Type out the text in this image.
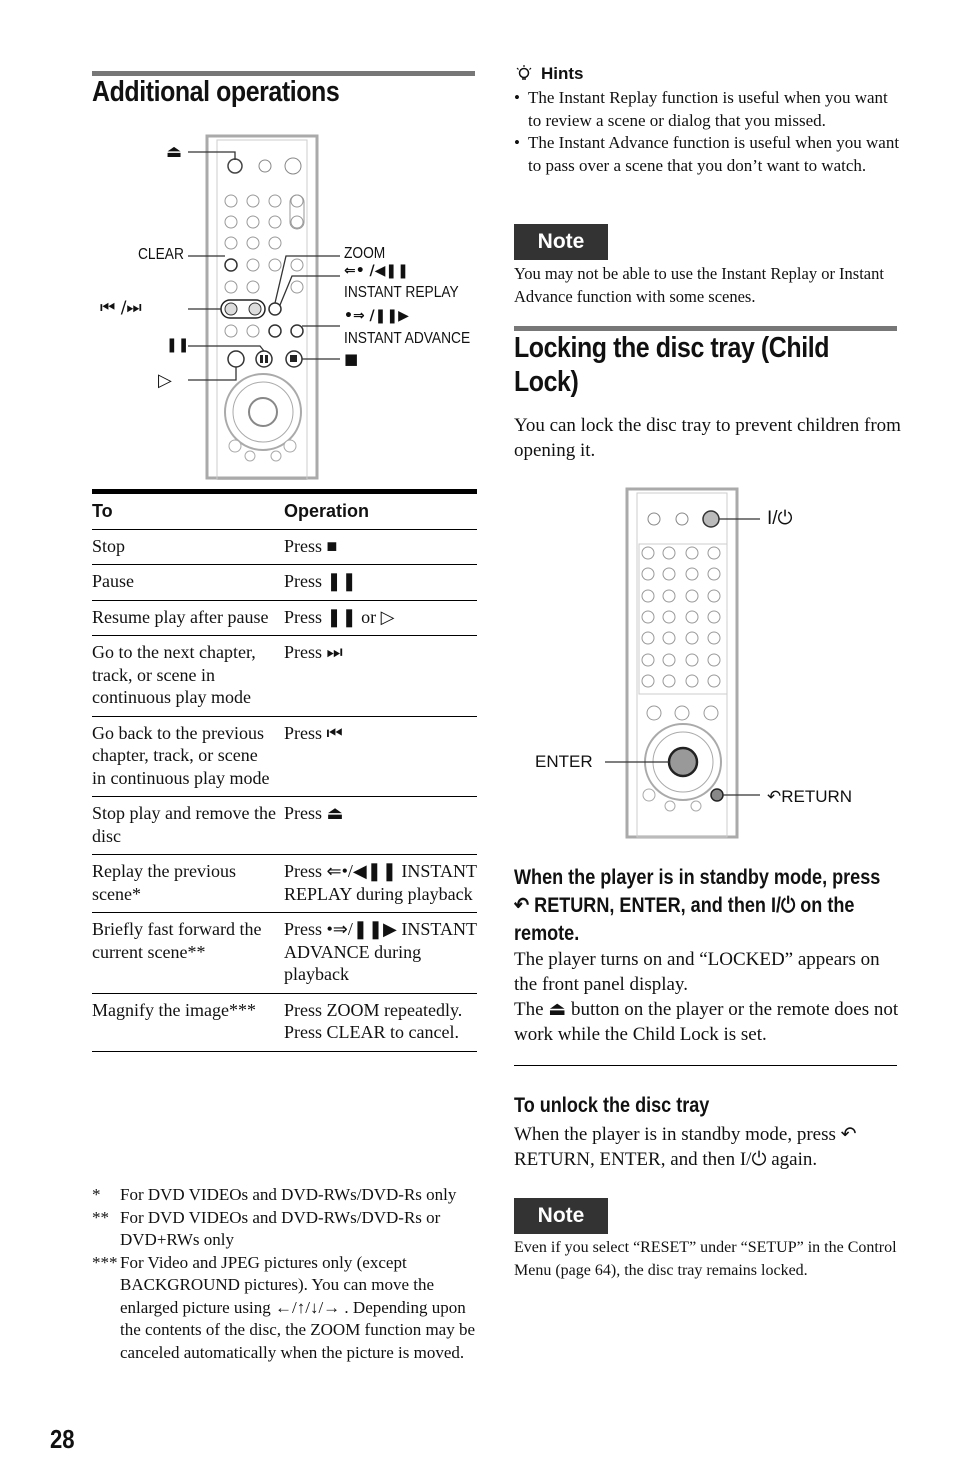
Additional operations
⏏
CLEAR
⏮ /⏭
❚❚
▷
ZOOM
⇐• /◀❚❚
INSTANT REPLAY
•⇒ /❚❚▶
INSTANT ADVANCE
■
To	Operation
Stop	Press ■
Pause	Press ❚❚
Resume play after pause	Press ❚❚ or ▷
Go to the next chapter, track, or scene in continuous play mode	Press ⏭
Go back to the previous chapter, track, or scene in continuous play mode	Press ⏮
Stop play and remove the disc	Press ⏏
Replay the previous scene*	Press ⇐•/◀❚❚ INSTANT REPLAY during playback
Briefly fast forward the current scene**	Press •⇒/❚❚▶ INSTANT ADVANCE during playback
Magnify the image***	Press ZOOM repeatedly. Press CLEAR to cancel.
*	For DVD VIDEOs and DVD-RWs/DVD-Rs only
** For DVD VIDEOs and DVD-RWs/DVD-Rs or DVD+RWs only
*** For Video and JPEG pictures only (except BACKGROUND pictures). You can move the enlarged picture using ←/↑/↓/→ . Depending upon the contents of the disc, the ZOOM function may be canceled automatically when the picture is moved.
28
Hints
• The Instant Replay function is useful when you want to review a scene or dialog that you missed.
• The Instant Advance function is useful when you want to pass over a scene that you don’t want to watch.
Note
You may not be able to use the Instant Replay or Instant Advance function with some scenes.
Locking the disc tray (Child Lock)
You can lock the disc tray to prevent children from opening it.
I/⏻
ENTER
↶RETURN
When the player is in standby mode, press ↶ RETURN, ENTER, and then I/⏻ on the remote.
The player turns on and “LOCKED” appears on the front panel display.
The ⏏ button on the player or the remote does not work while the Child Lock is set.
To unlock the disc tray
When the player is in standby mode, press ↶ RETURN, ENTER, and then I/⏻ again.
Note
Even if you select “RESET” under “SETUP” in the Control Menu (page 64), the disc tray remains locked.
